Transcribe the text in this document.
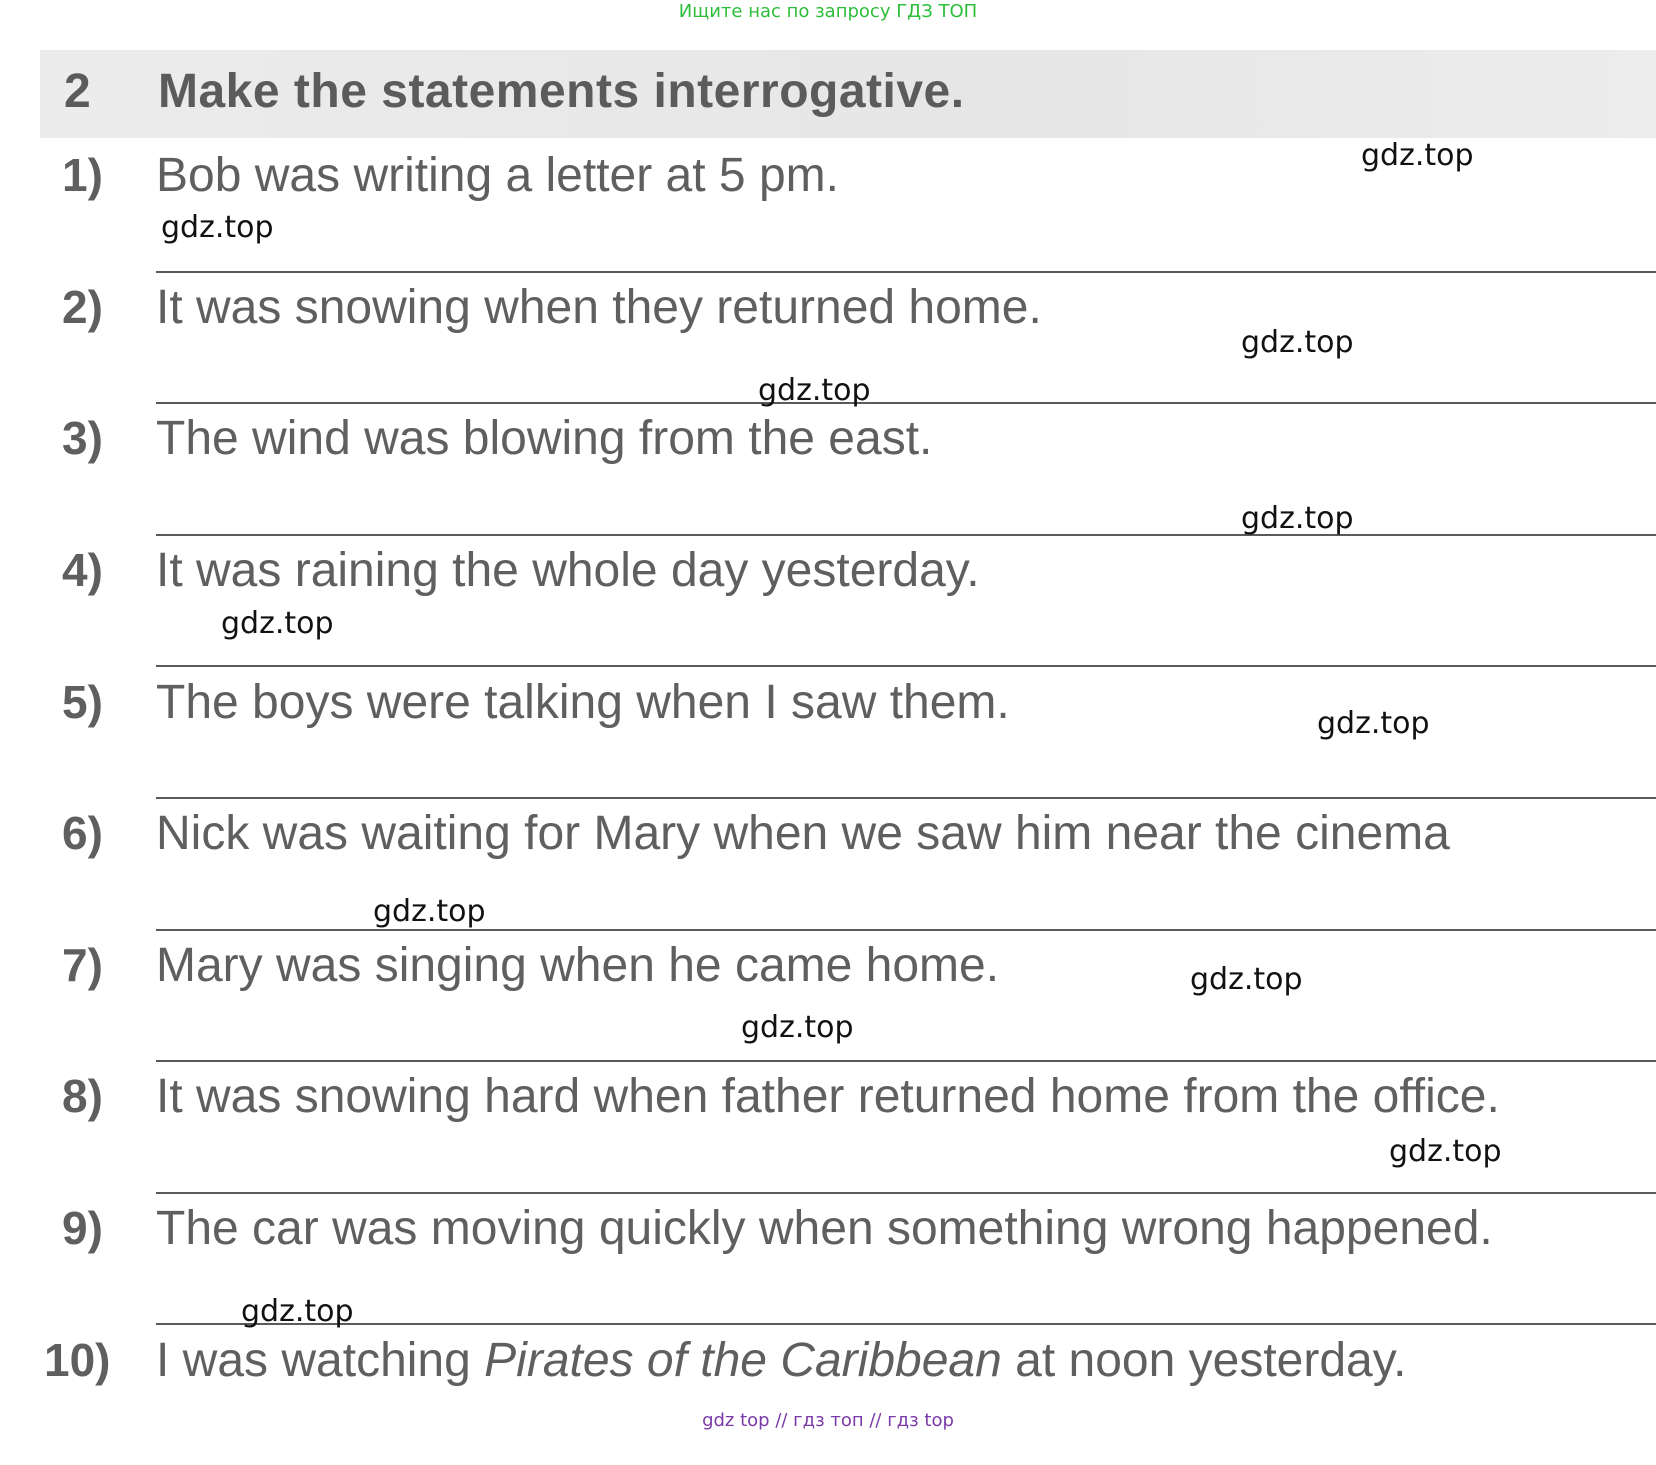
Ищите нас по запросу ГДЗ ТОП
2 Make the statements interrogative.
1) Bob was writing a letter at 5 pm.
2) It was snowing when they returned home.
3) The wind was blowing from the east.
4) It was raining the whole day yesterday.
5) The boys were talking when I saw them.
6) Nick was waiting for Mary when we saw him near the cinema
7) Mary was singing when he came home.
8) It was snowing hard when father returned home from the office.
9) The car was moving quickly when something wrong happened.
10) I was watching Pirates of the Caribbean at noon yesterday.
gdz.top
gdz.top
gdz.top
gdz.top
gdz.top
gdz.top
gdz.top
gdz.top
gdz.top
gdz.top
gdz.top
gdz.top
gdz top // гдз топ // гдз top
